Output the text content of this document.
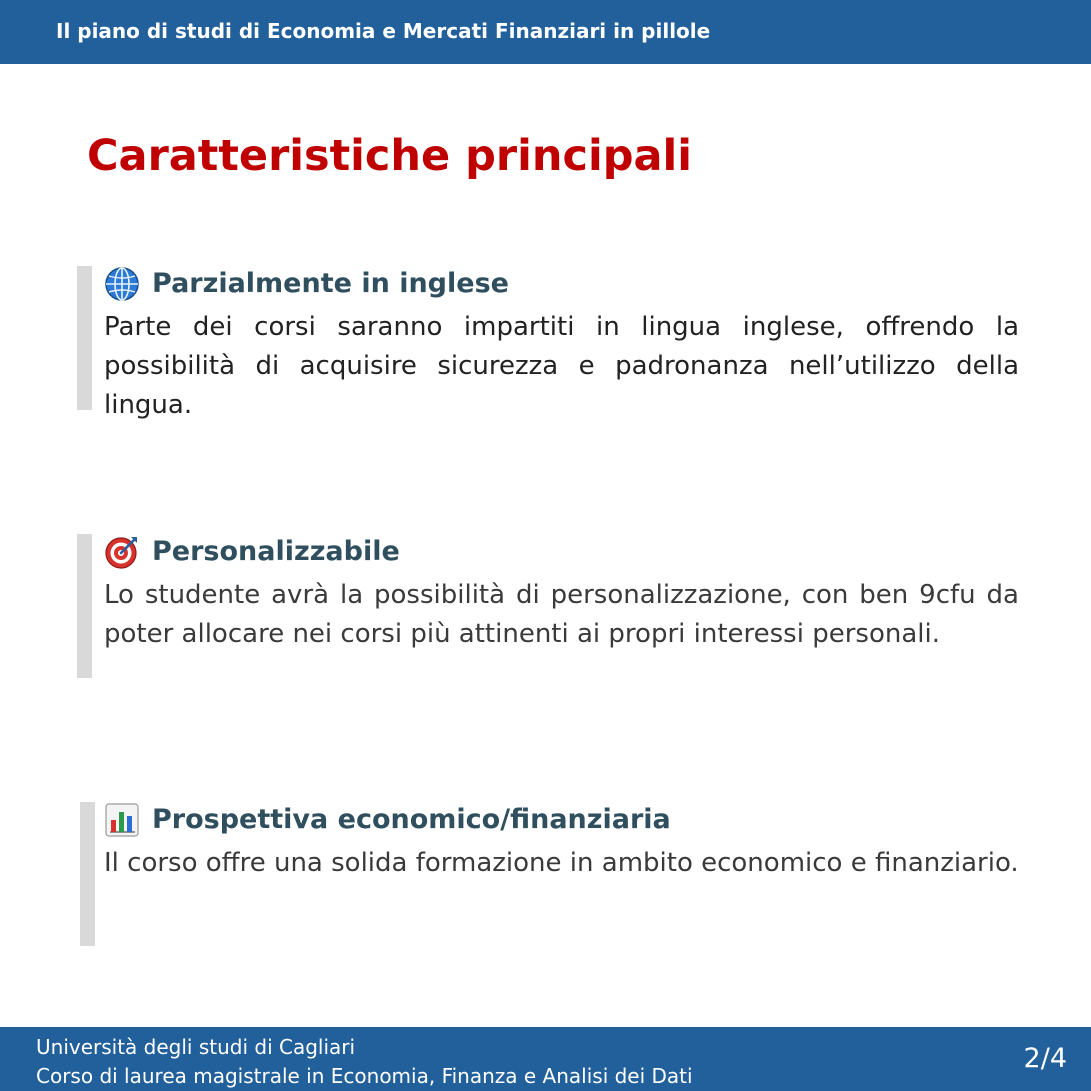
Il piano di studi di Economia e Mercati Finanziari in pillole
Caratteristiche principali
Parzialmente in inglese

Parte dei corsi saranno impartiti in lingua inglese, offrendo la possibilità di acquisire sicurezza e padronanza nell’utilizzo della lingua.

Personalizzabile

Lo studente avrà la possibilità di personalizzazione, con ben 9cfu da poter allocare nei corsi più attinenti ai propri interessi personali.

Prospettiva economico/finanziaria

Il corso offre una solida formazione in ambito economico e finanziario.

Università degli studi di Cagliari
Corso di laurea magistrale in Economia, Finanza e Analisi dei Dati
2/4
